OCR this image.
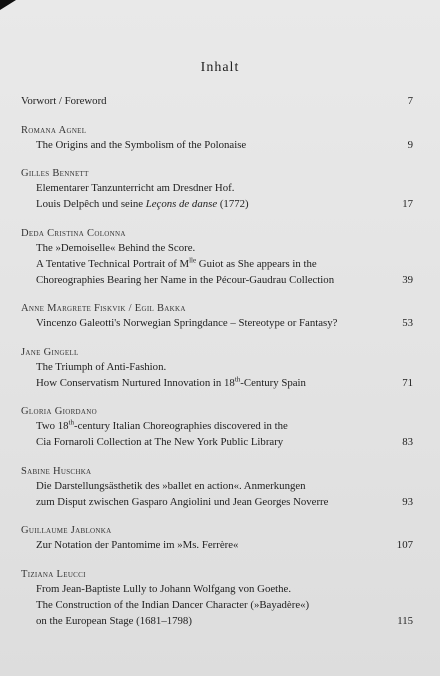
Inhalt
Vorwort / Foreword	7
Romana Agnel
The Origins and the Symbolism of the Polonaise	9
Gilles Bennett
Elementarer Tanzunterricht am Dresdner Hof.
Louis Delpêch und seine Leçons de danse (1772)	17
Deda Cristina Colonna
The »Demoiselle« Behind the Score.
A Tentative Technical Portrait of $M^{lle}$ Guiot as She appears in the
Choreographies Bearing her Name in the Pécour-Gaudrau Collection	39
Anne Margrete Fiskvik / Egil Bakka
Vincenzo Galeotti's Norwegian Springdance – Stereotype or Fantasy?	53
Jane Gingell
The Triumph of Anti-Fashion.
How Conservatism Nurtured Innovation in 18th-Century Spain	71
Gloria Giordano
Two 18th-century Italian Choreographies discovered in the
Cia Fornaroli Collection at The New York Public Library	83
Sabine Huschka
Die Darstellungsästhetik des »ballet en action«. Anmerkungen
zum Disput zwischen Gasparo Angiolini und Jean Georges Noverre	93
Guillaume Jablonka
Zur Notation der Pantomime im »Ms. Ferrère«	107
Tiziana Leucci
From Jean-Baptiste Lully to Johann Wolfgang von Goethe.
The Construction of the Indian Dancer Character (»Bayadère«)
on the European Stage (1681–1798)	115
